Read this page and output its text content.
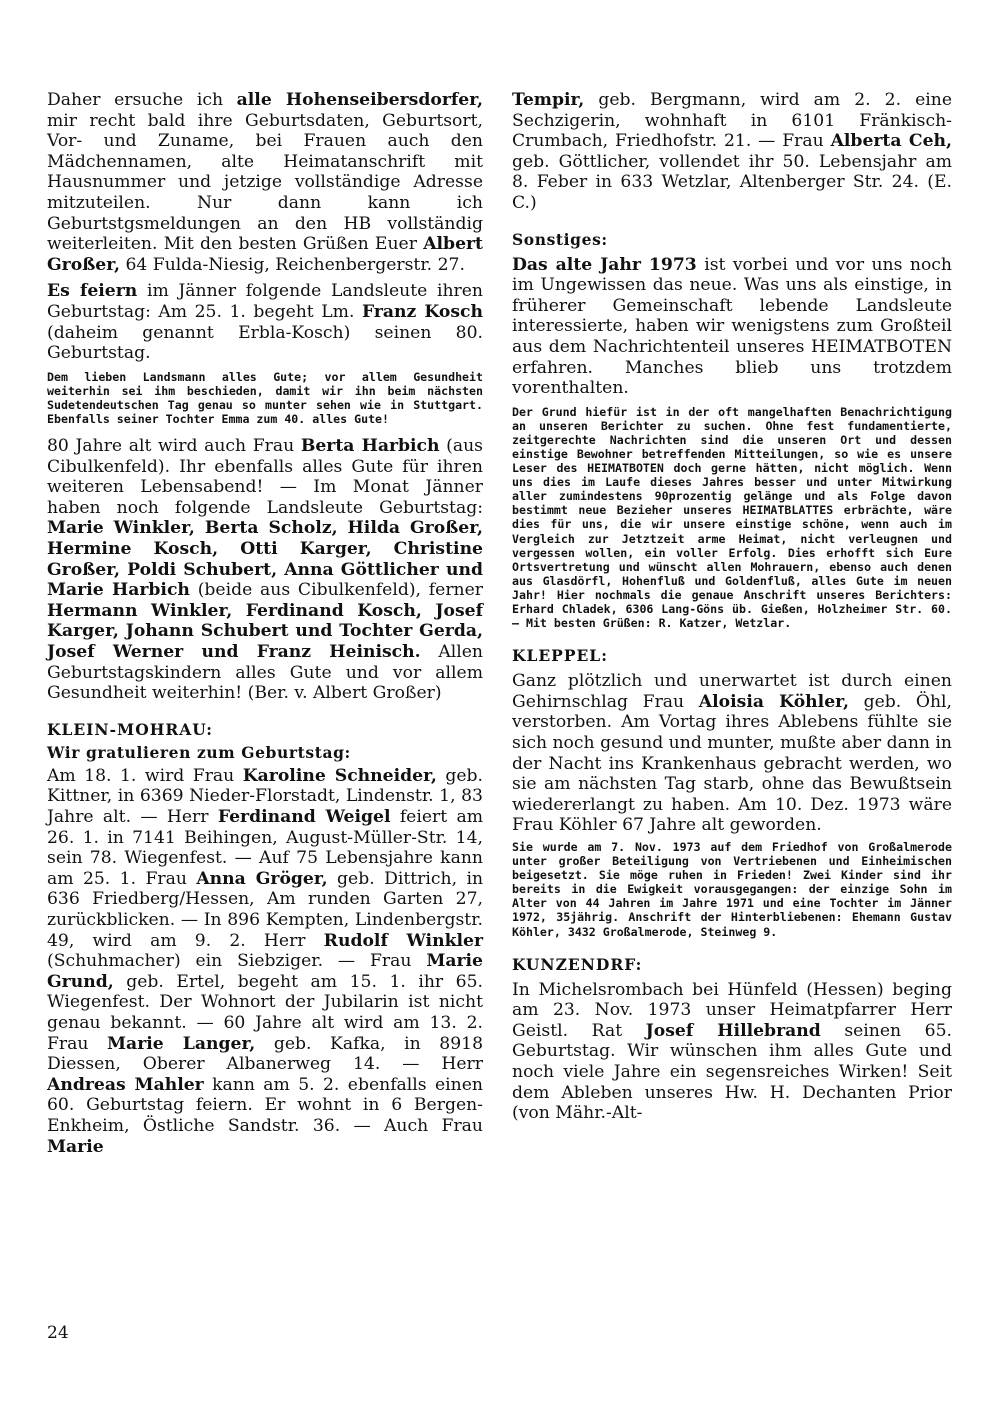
Daher ersuche ich alle Hohenseibersdorfer, mir recht bald ihre Geburtsdaten, Geburtsort, Vor- und Zuname, bei Frauen auch den Mädchennamen, alte Heimatanschrift mit Hausnummer und jetzige vollständige Adresse mitzuteilen. Nur dann kann ich Geburtstgsmeldungen an den HB vollständig weiterleiten. Mit den besten Grüßen Euer Albert Großer, 64 Fulda-Niesig, Reichenbergerstr. 27.

Es feiern im Jänner folgende Landsleute ihren Geburtstag: Am 25. 1. begeht Lm. Franz Kosch (daheim genannt Erbla-Kosch) seinen 80. Geburtstag.

Dem lieben Landsmann alles Gute; vor allem Gesundheit weiterhin sei ihm beschieden, damit wir ihn beim nächsten Sudetendeutschen Tag genau so munter sehen wie in Stuttgart. Ebenfalls seiner Tochter Emma zum 40. alles Gute!

80 Jahre alt wird auch Frau Berta Harbich (aus Cibulkenfeld). Ihr ebenfalls alles Gute für ihren weiteren Lebensabend! — Im Monat Jänner haben noch folgende Landsleute Geburtstag: Marie Winkler, Berta Scholz, Hilda Großer, Hermine Kosch, Otti Karger, Christine Großer, Poldi Schubert, Anna Göttlicher und Marie Harbich (beide aus Cibulkenfeld), ferner Hermann Winkler, Ferdinand Kosch, Josef Karger, Johann Schubert und Tochter Gerda, Josef Werner und Franz Heinisch. Allen Geburtstagskindern alles Gute und vor allem Gesundheit weiterhin! (Ber. v. Albert Großer)

KLEIN-MOHRAU:
Wir gratulieren zum Geburtstag:

Am 18. 1. wird Frau Karoline Schneider, geb. Kittner, in 6369 Nieder-Florstadt, Lindenstr. 1, 83 Jahre alt. — Herr Ferdinand Weigel feiert am 26. 1. in 7141 Beihingen, August-Müller-Str. 14, sein 78. Wiegenfest. — Auf 75 Lebensjahre kann am 25. 1. Frau Anna Gröger, geb. Dittrich, in 636 Friedberg/Hessen, Am runden Garten 27, zurückblicken. — In 896 Kempten, Lindenbergstr. 49, wird am 9. 2. Herr Rudolf Winkler (Schuhmacher) ein Siebziger. — Frau Marie Grund, geb. Ertel, begeht am 15. 1. ihr 65. Wiegenfest. Der Wohnort der Jubilarin ist nicht genau bekannt. — 60 Jahre alt wird am 13. 2. Frau Marie Langer, geb. Kafka, in 8918 Diessen, Oberer Albanerweg 14. — Herr Andreas Mahler kann am 5. 2. ebenfalls einen 60. Geburtstag feiern. Er wohnt in 6 Bergen-Enkheim, Östliche Sandstr. 36. — Auch Frau Marie

Tempir, geb. Bergmann, wird am 2. 2. eine Sechzigerin, wohnhaft in 6101 Fränkisch-Crumbach, Friedhofstr. 21. — Frau Alberta Ceh, geb. Göttlicher, vollendet ihr 50. Lebensjahr am 8. Feber in 633 Wetzlar, Altenberger Str. 24. (E. C.)

Sonstiges:

Das alte Jahr 1973 ist vorbei und vor uns noch im Ungewissen das neue. Was uns als einstige, in früherer Gemeinschaft lebende Landsleute interessierte, haben wir wenigstens zum Großteil aus dem Nachrichtenteil unseres HEIMATBOTEN erfahren. Manches blieb uns trotzdem vorenthalten.

Der Grund hiefür ist in der oft mangelhaften Benachrichtigung an unseren Berichter zu suchen. Ohne fest fundamentierte, zeitgerechte Nachrichten sind die unseren Ort und dessen einstige Bewohner betreffenden Mitteilungen, so wie es unsere Leser des HEIMATBOTEN doch gerne hätten, nicht möglich. Wenn uns dies im Laufe dieses Jahres besser und unter Mitwirkung aller zumindestens 90prozentig gelänge und als Folge davon bestimmt neue Bezieher unseres HEIMATBLATTES erbrächte, wäre dies für uns, die wir unsere einstige schöne, wenn auch im Vergleich zur Jetztzeit arme Heimat, nicht verleugnen und vergessen wollen, ein voller Erfolg. Dies erhofft sich Eure Ortsvertretung und wünscht allen Mohrauern, ebenso auch denen aus Glasdörfl, Hohenfluß und Goldenfluß, alles Gute im neuen Jahr! Hier nochmals die genaue Anschrift unseres Berichters: Erhard Chladek, 6306 Lang-Göns üb. Gießen, Holzheimer Str. 60. – Mit besten Grüßen: R. Katzer, Wetzlar.

KLEPPEL:

Ganz plötzlich und unerwartet ist durch einen Gehirnschlag Frau Aloisia Köhler, geb. Öhl, verstorben. Am Vortag ihres Ablebens fühlte sie sich noch gesund und munter, mußte aber dann in der Nacht ins Krankenhaus gebracht werden, wo sie am nächsten Tag starb, ohne das Bewußtsein wiedererlangt zu haben. Am 10. Dez. 1973 wäre Frau Köhler 67 Jahre alt geworden.

Sie wurde am 7. Nov. 1973 auf dem Friedhof von Großalmerode unter großer Beteiligung von Vertriebenen und Einheimischen beigesetzt. Sie möge ruhen in Frieden! Zwei Kinder sind ihr bereits in die Ewigkeit vorausgegangen: der einzige Sohn im Alter von 44 Jahren im Jahre 1971 und eine Tochter im Jänner 1972, 35jährig. Anschrift der Hinterbliebenen: Ehemann Gustav Köhler, 3432 Großalmerode, Steinweg 9.

KUNZENDRF:

In Michelsrombach bei Hünfeld (Hessen) beging am 23. Nov. 1973 unser Heimatpfarrer Herr Geistl. Rat Josef Hillebrand seinen 65. Geburtstag. Wir wünschen ihm alles Gute und noch viele Jahre ein segensreiches Wirken! Seit dem Ableben unseres Hw. H. Dechanten Prior (von Mähr.-Alt-

24
